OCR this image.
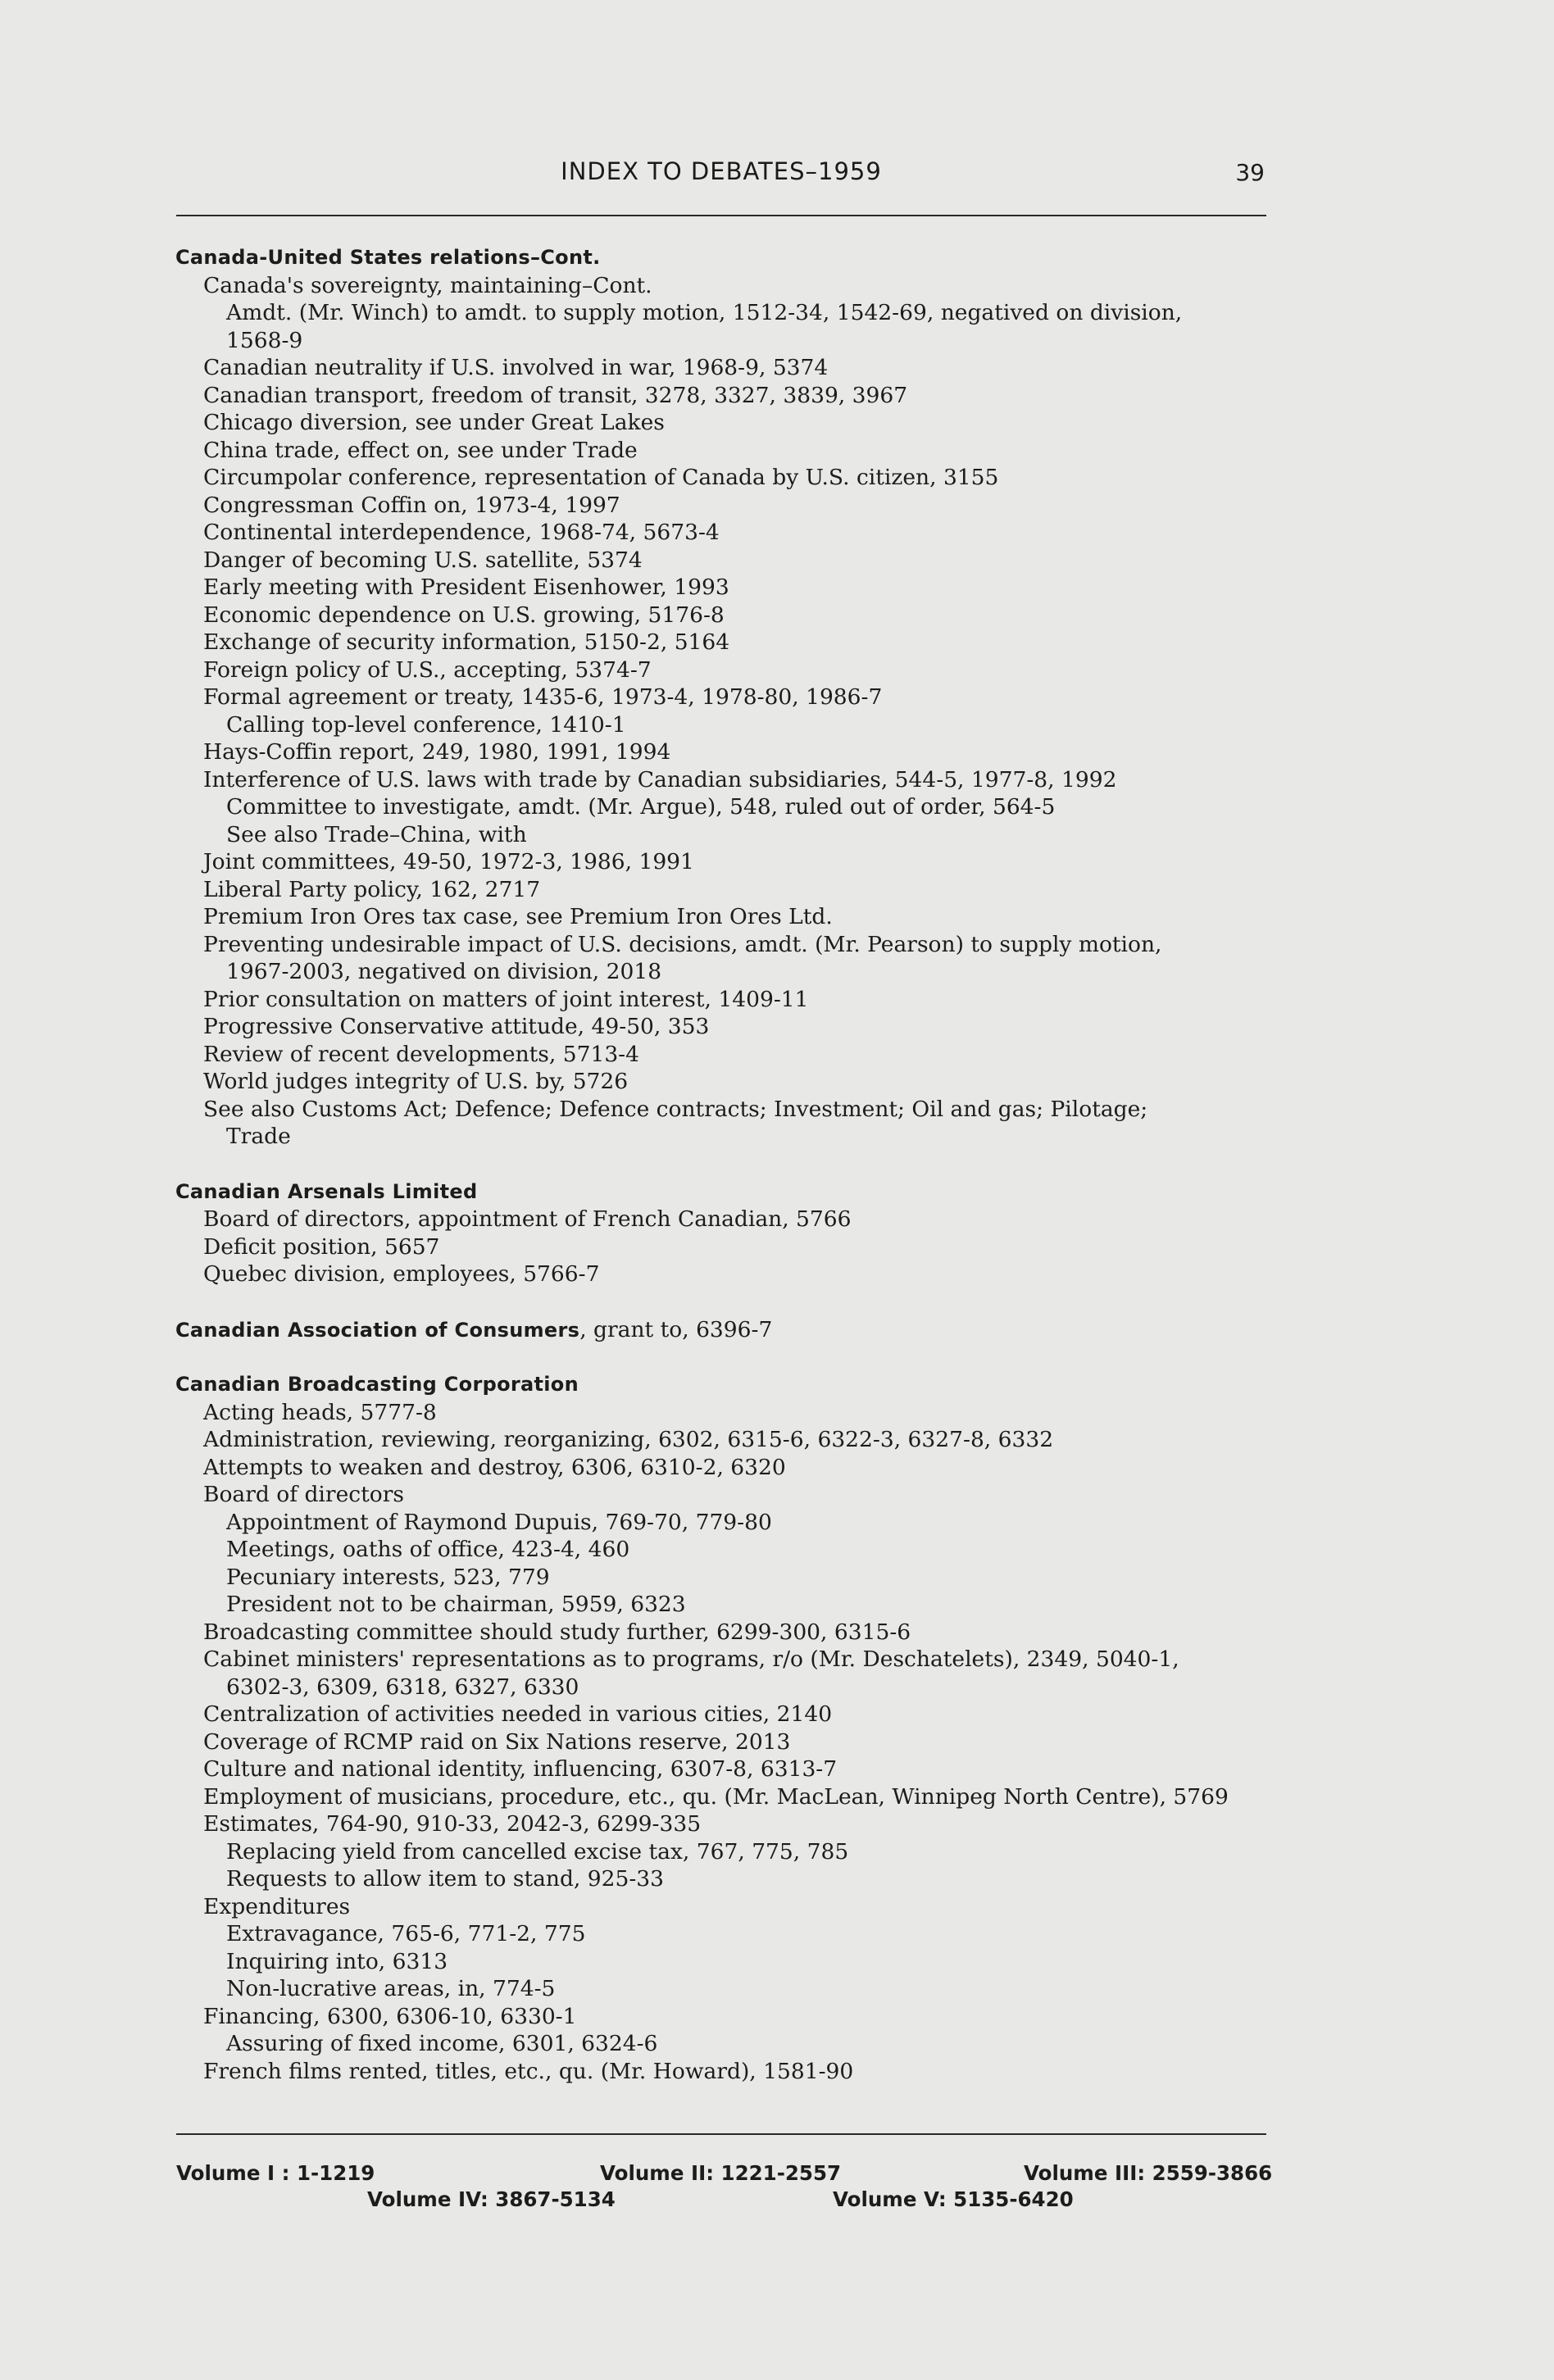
INDEX TO DEBATES–1959	39
Canada-United States relations–Cont.
Canada's sovereignty, maintaining–Cont.
Amdt. (Mr. Winch) to amdt. to supply motion, 1512-34, 1542-69, negatived on division,
1568-9
Canadian neutrality if U.S. involved in war, 1968-9, 5374
Canadian transport, freedom of transit, 3278, 3327, 3839, 3967
Chicago diversion, see under Great Lakes
China trade, effect on, see under Trade
Circumpolar conference, representation of Canada by U.S. citizen, 3155
Congressman Coffin on, 1973-4, 1997
Continental interdependence, 1968-74, 5673-4
Danger of becoming U.S. satellite, 5374
Early meeting with President Eisenhower, 1993
Economic dependence on U.S. growing, 5176-8
Exchange of security information, 5150-2, 5164
Foreign policy of U.S., accepting, 5374-7
Formal agreement or treaty, 1435-6, 1973-4, 1978-80, 1986-7
Calling top-level conference, 1410-1
Hays-Coffin report, 249, 1980, 1991, 1994
Interference of U.S. laws with trade by Canadian subsidiaries, 544-5, 1977-8, 1992
Committee to investigate, amdt. (Mr. Argue), 548, ruled out of order, 564-5
See also Trade–China, with
Joint committees, 49-50, 1972-3, 1986, 1991
Liberal Party policy, 162, 2717
Premium Iron Ores tax case, see Premium Iron Ores Ltd.
Preventing undesirable impact of U.S. decisions, amdt. (Mr. Pearson) to supply motion,
1967-2003, negatived on division, 2018
Prior consultation on matters of joint interest, 1409-11
Progressive Conservative attitude, 49-50, 353
Review of recent developments, 5713-4
World judges integrity of U.S. by, 5726
See also Customs Act; Defence; Defence contracts; Investment; Oil and gas; Pilotage;
Trade
Canadian Arsenals Limited
Board of directors, appointment of French Canadian, 5766
Deficit position, 5657
Quebec division, employees, 5766-7
Canadian Association of Consumers, grant to, 6396-7
Canadian Broadcasting Corporation
Acting heads, 5777-8
Administration, reviewing, reorganizing, 6302, 6315-6, 6322-3, 6327-8, 6332
Attempts to weaken and destroy, 6306, 6310-2, 6320
Board of directors
Appointment of Raymond Dupuis, 769-70, 779-80
Meetings, oaths of office, 423-4, 460
Pecuniary interests, 523, 779
President not to be chairman, 5959, 6323
Broadcasting committee should study further, 6299-300, 6315-6
Cabinet ministers' representations as to programs, r/o (Mr. Deschatelets), 2349, 5040-1,
6302-3, 6309, 6318, 6327, 6330
Centralization of activities needed in various cities, 2140
Coverage of RCMP raid on Six Nations reserve, 2013
Culture and national identity, influencing, 6307-8, 6313-7
Employment of musicians, procedure, etc., qu. (Mr. MacLean, Winnipeg North Centre), 5769
Estimates, 764-90, 910-33, 2042-3, 6299-335
Replacing yield from cancelled excise tax, 767, 775, 785
Requests to allow item to stand, 925-33
Expenditures
Extravagance, 765-6, 771-2, 775
Inquiring into, 6313
Non-lucrative areas, in, 774-5
Financing, 6300, 6306-10, 6330-1
Assuring of fixed income, 6301, 6324-6
French films rented, titles, etc., qu. (Mr. Howard), 1581-90
Volume I : 1-1219	Volume II: 1221-2557	Volume III: 2559-3866
Volume IV: 3867-5134	Volume V: 5135-6420
